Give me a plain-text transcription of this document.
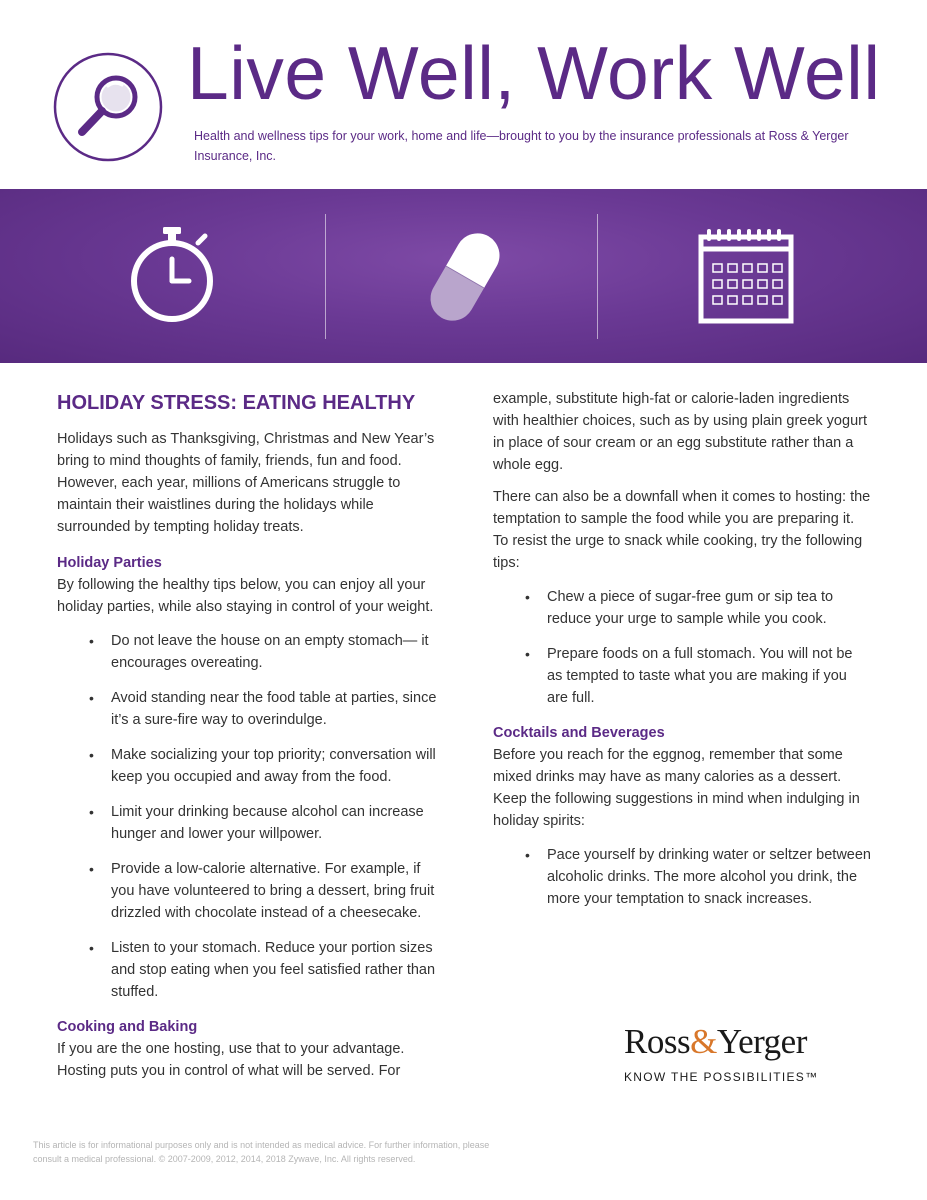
Live Well, Work Well

Health and wellness tips for your work, home and life—brought to you by the insurance professionals at Ross & Yerger Insurance, Inc.

HOLIDAY STRESS: EATING HEALTHY

Holidays such as Thanksgiving, Christmas and New Year’s bring to mind thoughts of family, friends, fun and food. However, each year, millions of Americans struggle to maintain their waistlines during the holidays while surrounded by tempting holiday treats.

Holiday Parties

By following the healthy tips below, you can enjoy all your holiday parties, while also staying in control of your weight.

• Do not leave the house on an empty stomach— it encourages overeating.
• Avoid standing near the food table at parties, since it’s a sure-fire way to overindulge.
• Make socializing your top priority; conversation will keep you occupied and away from the food.
• Limit your drinking because alcohol can increase hunger and lower your willpower.
• Provide a low-calorie alternative. For example, if you have volunteered to bring a dessert, bring fruit drizzled with chocolate instead of a cheesecake.
• Listen to your stomach. Reduce your portion sizes and stop eating when you feel satisfied rather than stuffed.
Cooking and Baking

If you are the one hosting, use that to your advantage. Hosting puts you in control of what will be served. For

example, substitute high-fat or calorie-laden ingredients with healthier choices, such as by using plain greek yogurt in place of sour cream or an egg substitute rather than a whole egg.

There can also be a downfall when it comes to hosting: the temptation to sample the food while you are preparing it. To resist the urge to snack while cooking, try the following tips:

• Chew a piece of sugar-free gum or sip tea to reduce your urge to sample while you cook.
• Prepare foods on a full stomach. You will not be as tempted to taste what you are making if you are full.
Cocktails and Beverages

Before you reach for the eggnog, remember that some mixed drinks may have as many calories as a dessert. Keep the following suggestions in mind when indulging in holiday spirits:

• Pace yourself by drinking water or seltzer between alcoholic drinks. The more alcohol you drink, the more your temptation to snack increases.
Ross&Yerger
KNOW THE POSSIBILITIES™

This article is for informational purposes only and is not intended as medical advice. For further information, please consult a medical professional. © 2007-2009, 2012, 2014, 2018 Zywave, Inc. All rights reserved.
